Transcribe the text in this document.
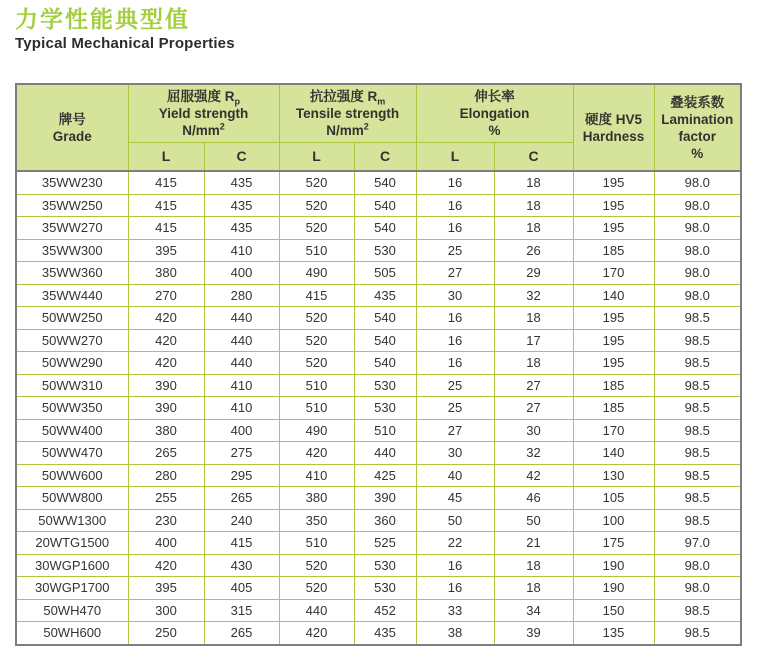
力学性能典型值
Typical Mechanical Properties
牌号
Grade

屈服强度 $R_p$
Yield strength
$N/mm^2$

抗拉强度 $R_m$
Tensile strength
$N/mm^2$

伸长率
Elongation
%

硬度 HV5
Hardness

叠装系数
Lamination
factor
%

	L	C	L	C	L	C		
35WW230	415	435	520	540	16	18	195	98.0
35WW250	415	435	520	540	16	18	195	98.0
35WW270	415	435	520	540	16	18	195	98.0
35WW300	395	410	510	530	25	26	185	98.0
35WW360	380	400	490	505	27	29	170	98.0
35WW440	270	280	415	435	30	32	140	98.0
50WW250	420	440	520	540	16	18	195	98.5
50WW270	420	440	520	540	16	17	195	98.5
50WW290	420	440	520	540	16	18	195	98.5
50WW310	390	410	510	530	25	27	185	98.5
50WW350	390	410	510	530	25	27	185	98.5
50WW400	380	400	490	510	27	30	170	98.5
50WW470	265	275	420	440	30	32	140	98.5
50WW600	280	295	410	425	40	42	130	98.5
50WW800	255	265	380	390	45	46	105	98.5
50WW1300	230	240	350	360	50	50	100	98.5
20WTG1500	400	415	510	525	22	21	175	97.0
30WGP1600	420	430	520	530	16	18	190	98.0
30WGP1700	395	405	520	530	16	18	190	98.0
50WH470	300	315	440	452	33	34	150	98.5
50WH600	250	265	420	435	38	39	135	98.5
